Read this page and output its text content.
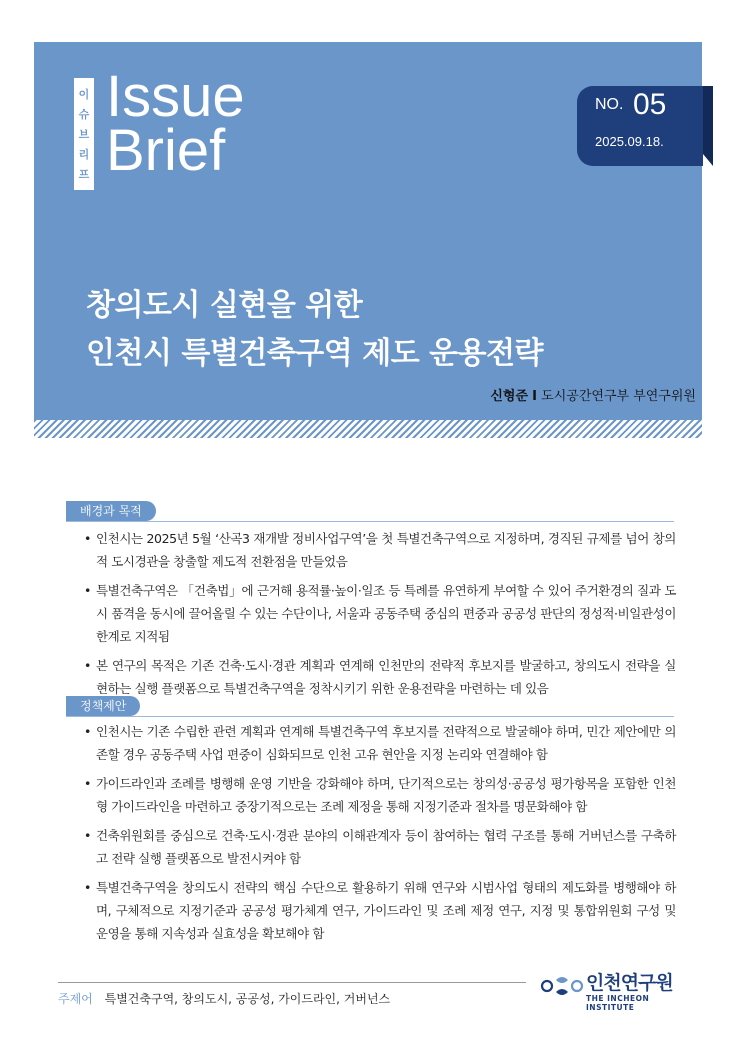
이
슈
브
리
프
Issue
Brief
NO. 05
2025.09.18.
창의도시 실현을 위한
인천시 특별건축구역 제도 운용전략
신형준 I 도시공간연구부 부연구위원
배경과 목적
• 인천시는 2025년 5월 ‘산곡3 재개발 정비사업구역’을 첫 특별건축구역으로 지정하며, 경직된 규제를 넘어 창의적 도시경관을 창출할 제도적 전환점을 만들었음
• 특별건축구역은 「건축법」에 근거해 용적률·높이·일조 등 특례를 유연하게 부여할 수 있어 주거환경의 질과 도시 품격을 동시에 끌어올릴 수 있는 수단이나, 서울과 공동주택 중심의 편중과 공공성 판단의 정성적·비일관성이 한계로 지적됨
• 본 연구의 목적은 기존 건축·도시·경관 계획과 연계해 인천만의 전략적 후보지를 발굴하고, 창의도시 전략을 실현하는 실행 플랫폼으로 특별건축구역을 정착시키기 위한 운용전략을 마련하는 데 있음
정책제안
• 인천시는 기존 수립한 관련 계획과 연계해 특별건축구역 후보지를 전략적으로 발굴해야 하며, 민간 제안에만 의존할 경우 공동주택 사업 편중이 심화되므로 인천 고유 현안을 지정 논리와 연결해야 함
• 가이드라인과 조례를 병행해 운영 기반을 강화해야 하며, 단기적으로는 창의성·공공성 평가항목을 포함한 인천형 가이드라인을 마련하고 중장기적으로는 조례 제정을 통해 지정기준과 절차를 명문화해야 함
• 건축위원회를 중심으로 건축·도시·경관 분야의 이해관계자 등이 참여하는 협력 구조를 통해 거버넌스를 구축하고 전략 실행 플랫폼으로 발전시켜야 함
• 특별건축구역을 창의도시 전략의 핵심 수단으로 활용하기 위해 연구와 시범사업 형태의 제도화를 병행해야 하며, 구체적으로 지정기준과 공공성 평가체계 연구, 가이드라인 및 조례 제정 연구, 지정 및 통합위원회 구성 및 운영을 통해 지속성과 실효성을 확보해야 함
주제어 특별건축구역, 창의도시, 공공성, 가이드라인, 거버넌스
인천연구원
THE INCHEON INSTITUTE
